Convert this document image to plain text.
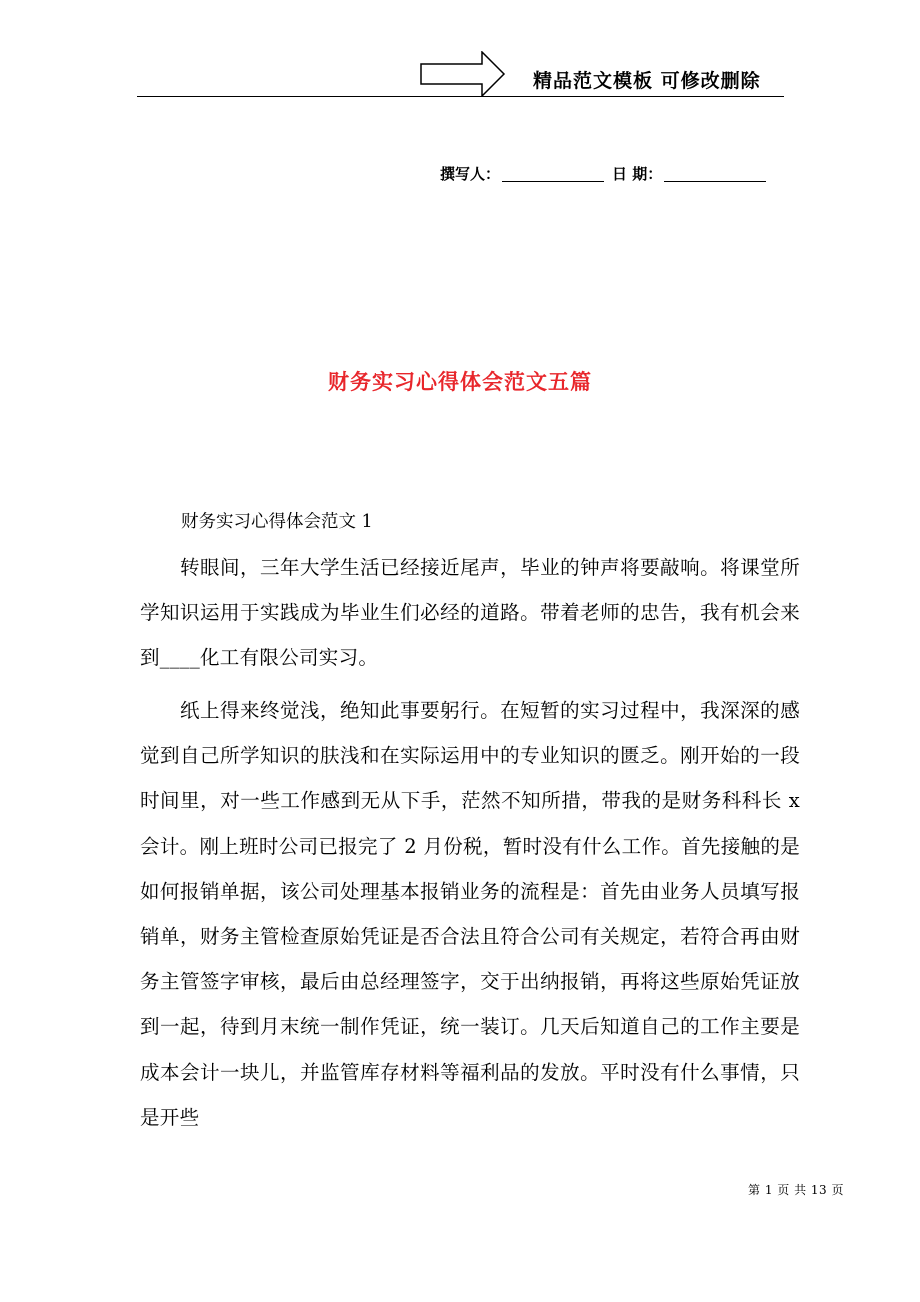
精品范文模板 可修改删除
撰写人：	日 期：
财务实习心得体会范文五篇
财务实习心得体会范文 1

转眼间，三年大学生活已经接近尾声，毕业的钟声将要敲响。将课堂所学知识运用于实践成为毕业生们必经的道路。带着老师的忠告，我有机会来到____化工有限公司实习。

纸上得来终觉浅，绝知此事要躬行。在短暂的实习过程中，我深深的感觉到自己所学知识的肤浅和在实际运用中的专业知识的匮乏。刚开始的一段时间里，对一些工作感到无从下手，茫然不知所措，带我的是财务科科长 x 会计。刚上班时公司已报完了 2 月份税，暂时没有什么工作。首先接触的是如何报销单据，该公司处理基本报销业务的流程是：首先由业务人员填写报销单，财务主管检查原始凭证是否合法且符合公司有关规定，若符合再由财务主管签字审核，最后由总经理签字，交于出纳报销，再将这些原始凭证放到一起，待到月末统一制作凭证，统一装订。几天后知道自己的工作主要是成本会计一块儿，并监管库存材料等福利品的发放。平时没有什么事情，只是开些

第 1 页 共 13 页
